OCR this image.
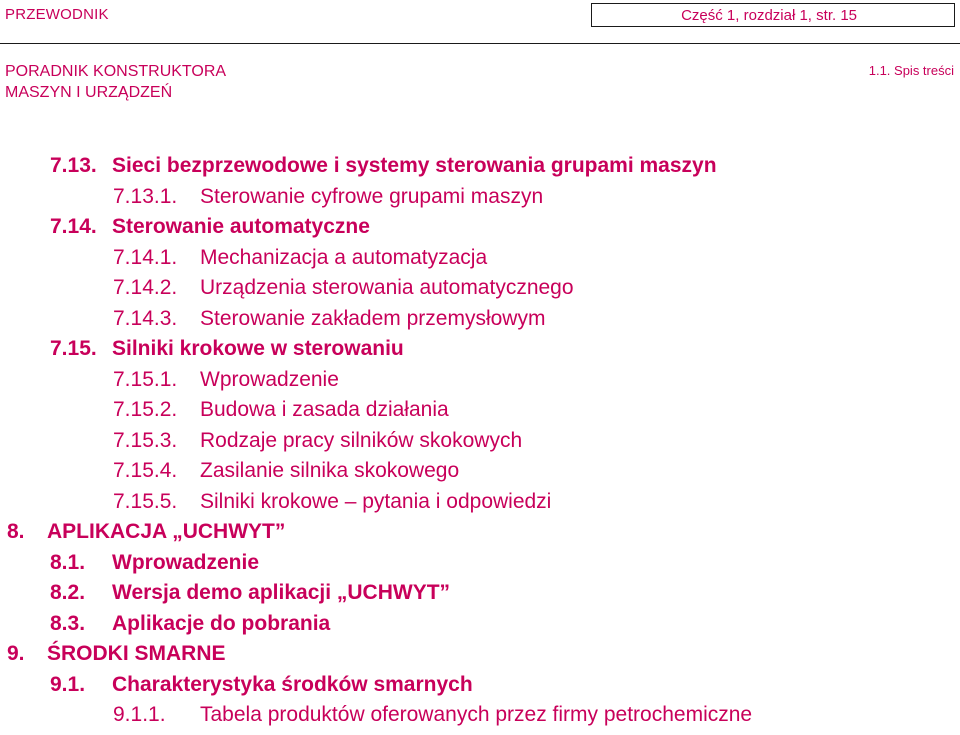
PRZEWODNIK	Część 1, rozdział 1, str. 15
PORADNIK KONSTRUKTORA
MASZYN I URZĄDZEŃ
1.1. Spis treści
7.13. Sieci bezprzewodowe i systemy sterowania grupami maszyn
7.13.1. Sterowanie cyfrowe grupami maszyn
7.14. Sterowanie automatyczne
7.14.1. Mechanizacja a automatyzacja
7.14.2. Urządzenia sterowania automatycznego
7.14.3. Sterowanie zakładem przemysłowym
7.15. Silniki krokowe w sterowaniu
7.15.1. Wprowadzenie
7.15.2. Budowa i zasada działania
7.15.3. Rodzaje pracy silników skokowych
7.15.4. Zasilanie silnika skokowego
7.15.5. Silniki krokowe – pytania i odpowiedzi
8. APLIKACJA „UCHWYT”
8.1. Wprowadzenie
8.2. Wersja demo aplikacji „UCHWYT”
8.3. Aplikacje do pobrania
9. ŚRODKI SMARNE
9.1. Charakterystyka środków smarnych
9.1.1. Tabela produktów oferowanych przez firmy petrochemiczne
